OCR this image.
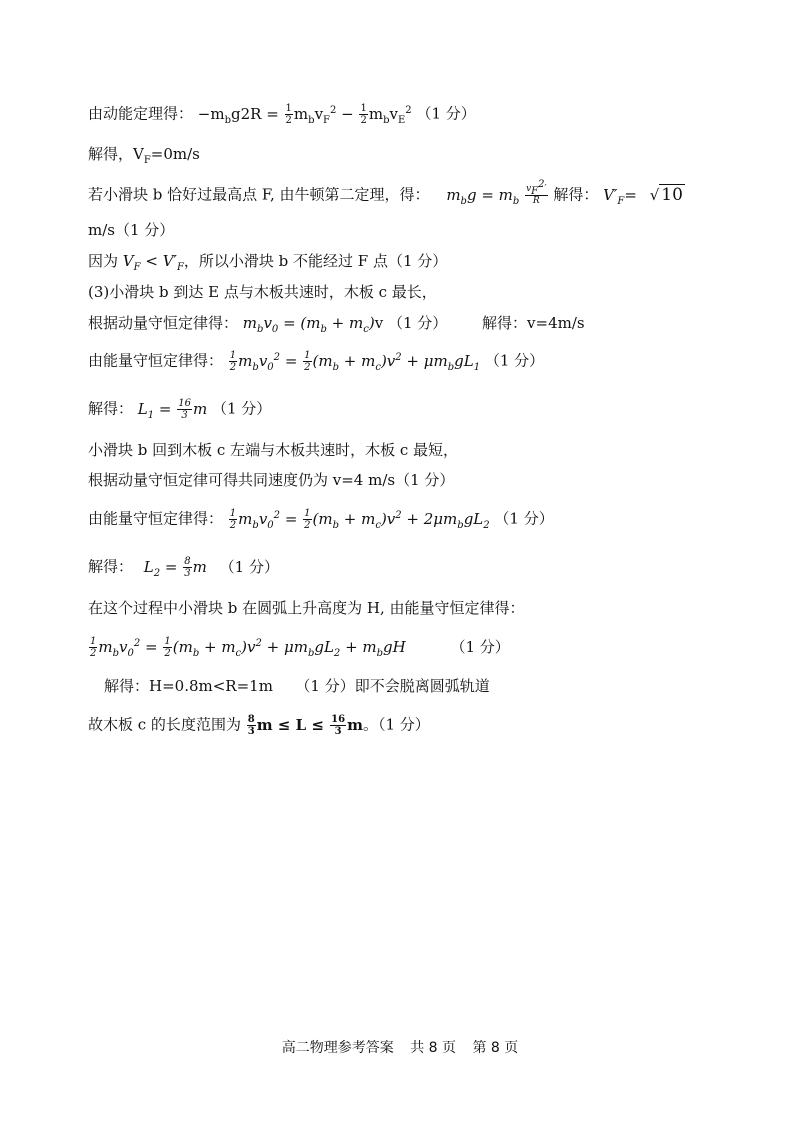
由动能定理得： $-m_bg2R = \frac{1}{2} m_bv_F^2 - \frac{1}{2} m_bv_E^2$ （1 分）
解得，$V_F=0m/s$
若小滑块 b 恰好过最高点 F, 由牛顿第二定理，得： $m_bg = m_b \frac{v_F^2'}{R}$ 解得： $V'_F=$ √ 10
m/s（1 分）
因为 $V_F < V'_F$，所以小滑块 b 不能经过 F 点（1 分）
(3)小滑块 b 到达 E 点与木板共速时，木板 c 最长，
根据动量守恒定律得： $m_bv_0 = (m_b + m_c)v$ （1 分） 解得：v=4m/s
由能量守恒定律得： $\frac{1}{2} m_bv_0^2 = \frac{1}{2} (m_b + m_c)v^2 + \mu m_bgL_1$ （1 分）
解得： $L_1 = \frac{16}{3}$ m （1 分）
小滑块 b 回到木板 c 左端与木板共速时，木板 c 最短，
根据动量守恒定律可得共同速度仍为 v=4 m/s（1 分）
由能量守恒定律得： $\frac{1}{2} m_bv_0^2 = \frac{1}{2} (m_b + m_c)v^2 + 2\mu m_bgL_2$ （1 分）
解得： $L_2 = \frac{8}{3}$ m （1 分）
在这个过程中小滑块 b 在圆弧上升高度为 H, 由能量守恒定律得：
$\frac{1}{2} m_bv_0^2 = \frac{1}{2} (m_b + m_c)v^2 + \mu m_bgL_2 + m_bgH$	（1 分）
解得：H=0.8m<R=1m　　（1 分）即不会脱离圆弧轨道
故木板 c 的长度范围为 $\frac{8}{3}$ $m \le L \le \frac{16}{3}$ m。（1 分）
高二物理参考答案 共 8 页 第 8 页
